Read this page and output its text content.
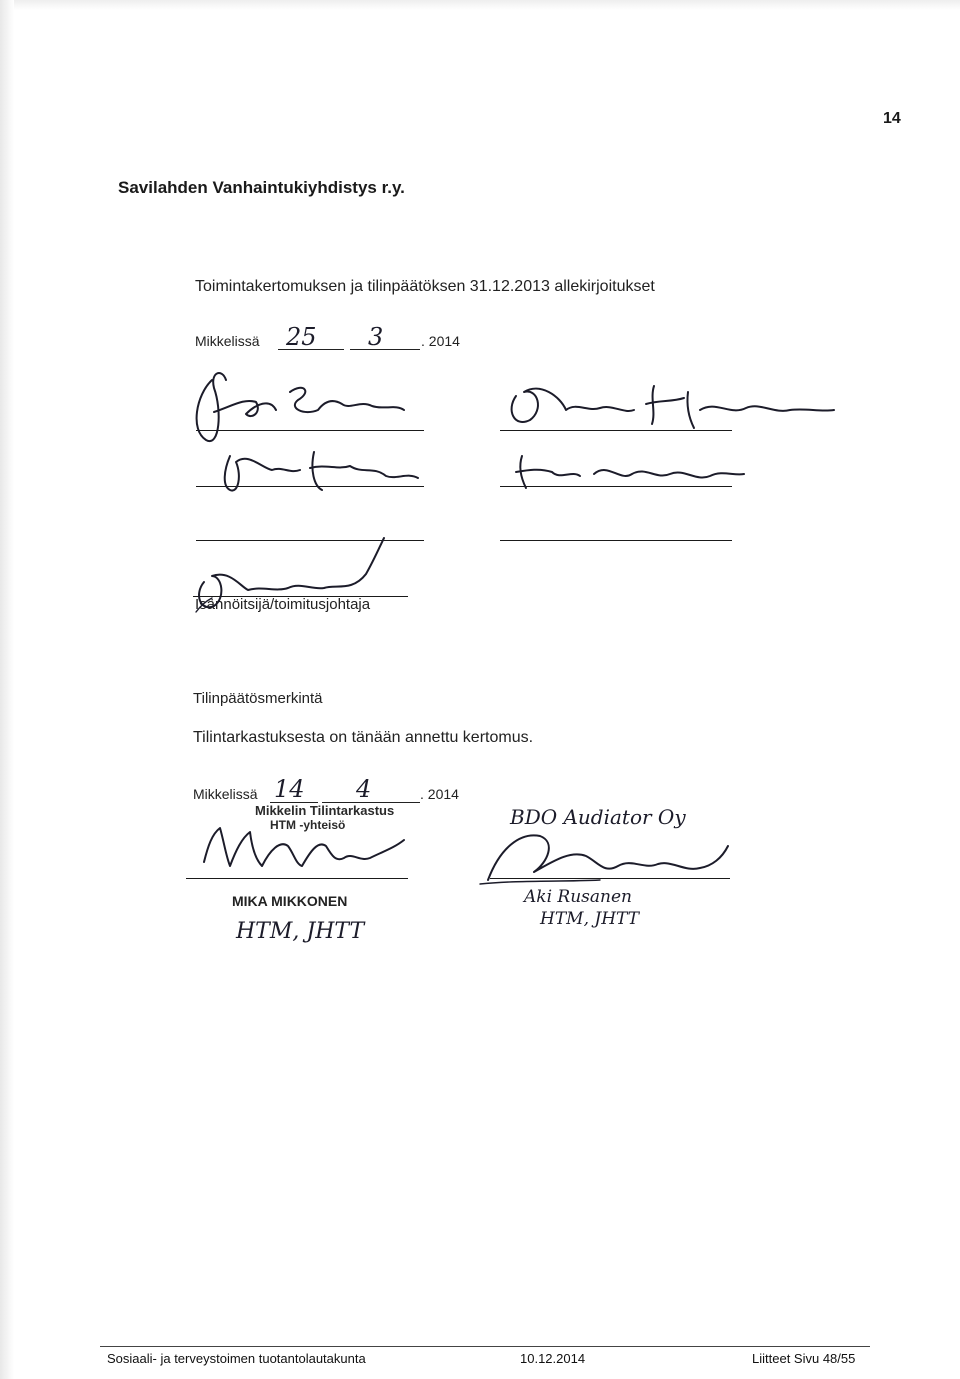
14
Savilahden Vanhaintukiyhdistys r.y.
Toimintakertomuksen ja tilinpäätöksen 31.12.2013 allekirjoitukset
Mikkelissä	. 2014
Isännöitsijä/toimitusjohtaja
Tilinpäätösmerkintä
Tilintarkastuksesta on tänään annettu kertomus.
Mikkelissä	. 2014
Mikkelin Tilintarkastus
HTM -yhteisö
MIKA MIKKONEN
25 3
14 4
HTM, JHTT
BDO Audiator Oy
Aki Rusanen
HTM, JHTT
Sosiaali- ja terveystoimen tuotantolautakunta	10.12.2014	Liitteet Sivu 48/55
